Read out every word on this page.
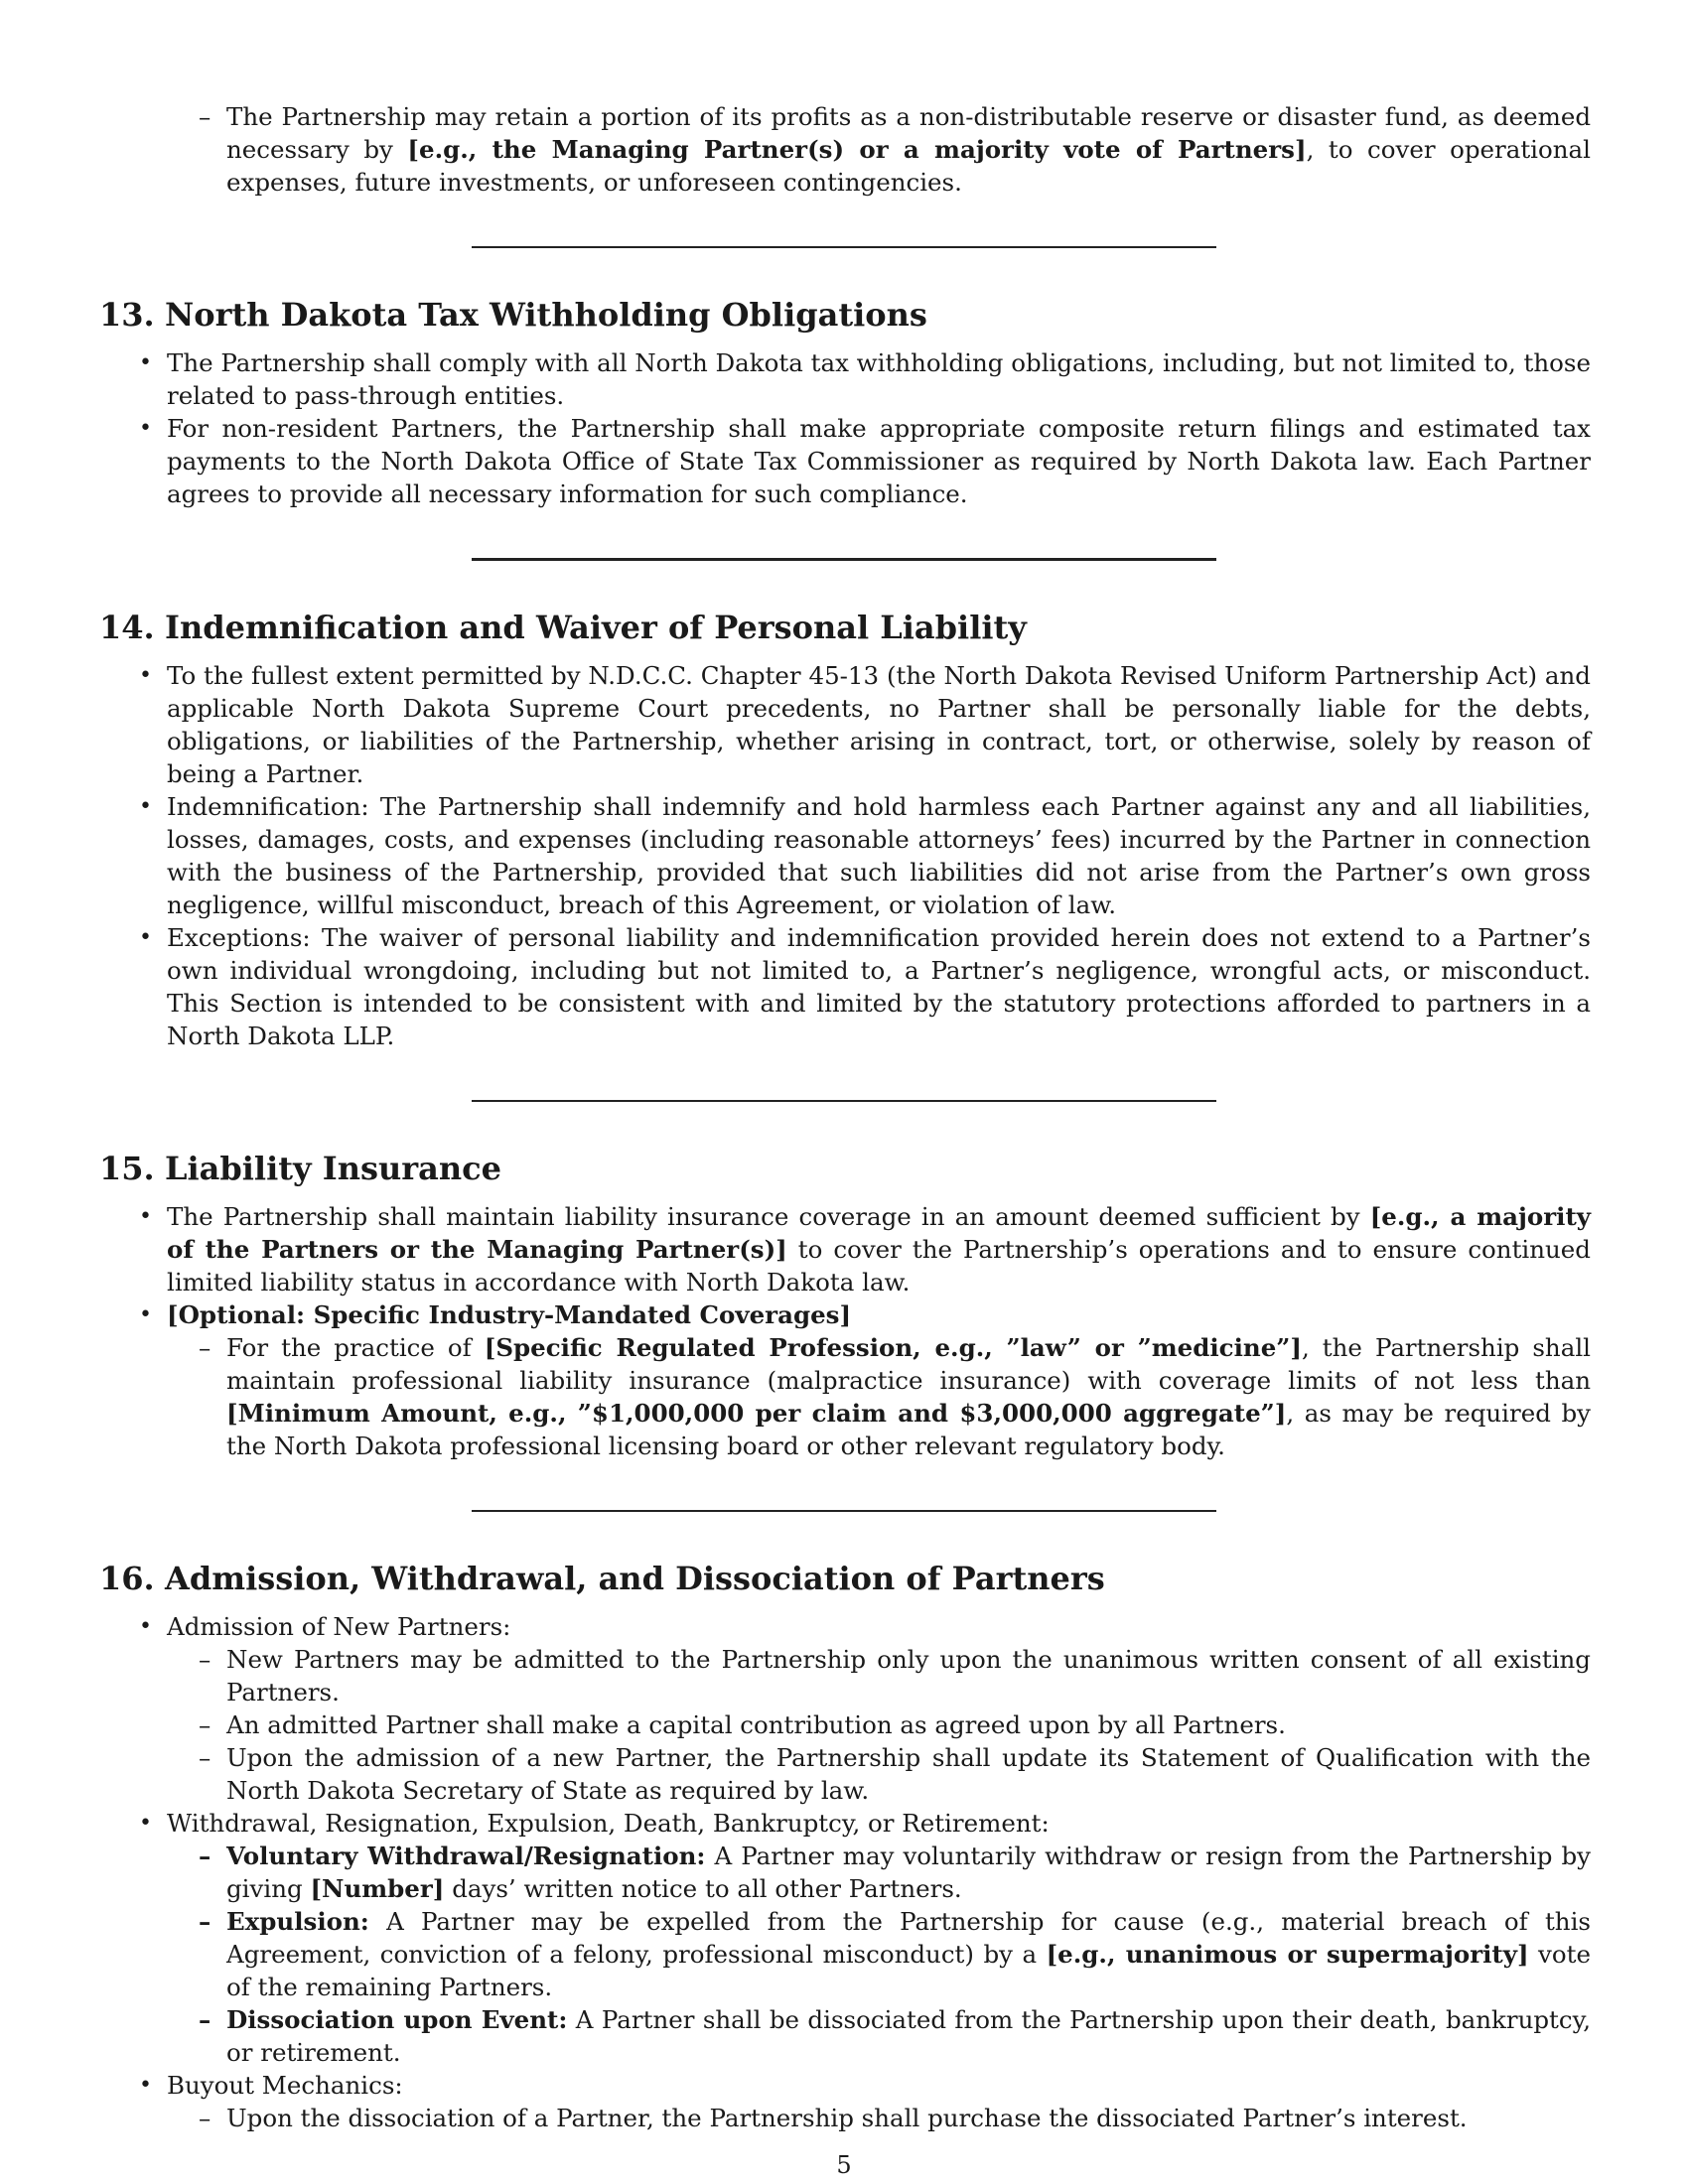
– The Partnership may retain a portion of its profits as a non-distributable reserve or disaster fund, as deemed necessary by [e.g., the Managing Partner(s) or a majority vote of Partners], to cover operational expenses, future investments, or unforeseen contingencies.
13. North Dakota Tax Withholding Obligations
• The Partnership shall comply with all North Dakota tax withholding obligations, including, but not limited to, those related to pass-through entities.
• For non-resident Partners, the Partnership shall make appropriate composite return filings and estimated tax payments to the North Dakota Office of State Tax Commissioner as required by North Dakota law. Each Partner agrees to provide all necessary information for such compliance.
14. Indemnification and Waiver of Personal Liability
• To the fullest extent permitted by N.D.C.C. Chapter 45-13 (the North Dakota Revised Uniform Partnership Act) and applicable North Dakota Supreme Court precedents, no Partner shall be personally liable for the debts, obligations, or liabilities of the Partnership, whether arising in contract, tort, or otherwise, solely by reason of being a Partner.
• Indemnification: The Partnership shall indemnify and hold harmless each Partner against any and all liabilities, losses, damages, costs, and expenses (including reasonable attorneys’ fees) incurred by the Partner in connection with the business of the Partnership, provided that such liabilities did not arise from the Partner’s own gross negligence, willful misconduct, breach of this Agreement, or violation of law.
• Exceptions: The waiver of personal liability and indemnification provided herein does not extend to a Partner’s own individual wrongdoing, including but not limited to, a Partner’s negligence, wrongful acts, or misconduct. This Section is intended to be consistent with and limited by the statutory protections afforded to partners in a North Dakota LLP.
15. Liability Insurance
• The Partnership shall maintain liability insurance coverage in an amount deemed sufficient by [e.g., a majority of the Partners or the Managing Partner(s)] to cover the Partnership’s operations and to ensure continued limited liability status in accordance with North Dakota law.
• [Optional: Specific Industry-Mandated Coverages]
– For the practice of [Specific Regulated Profession, e.g., ”law” or ”medicine”], the Partnership shall maintain professional liability insurance (malpractice insurance) with coverage limits of not less than [Minimum Amount, e.g., ”$1,000,000 per claim and $3,000,000 aggregate”], as may be required by the North Dakota professional licensing board or other relevant regulatory body.
16. Admission, Withdrawal, and Dissociation of Partners
• Admission of New Partners:
– New Partners may be admitted to the Partnership only upon the unanimous written consent of all existing Partners.
– An admitted Partner shall make a capital contribution as agreed upon by all Partners.
– Upon the admission of a new Partner, the Partnership shall update its Statement of Qualification with the North Dakota Secretary of State as required by law.
• Withdrawal, Resignation, Expulsion, Death, Bankruptcy, or Retirement:
– Voluntary Withdrawal/Resignation: A Partner may voluntarily withdraw or resign from the Partnership by giving [Number] days’ written notice to all other Partners.
– Expulsion: A Partner may be expelled from the Partnership for cause (e.g., material breach of this Agreement, conviction of a felony, professional misconduct) by a [e.g., unanimous or supermajority] vote of the remaining Partners.
– Dissociation upon Event: A Partner shall be dissociated from the Partnership upon their death, bankruptcy, or retirement.
• Buyout Mechanics:
– Upon the dissociation of a Partner, the Partnership shall purchase the dissociated Partner’s interest.
5
